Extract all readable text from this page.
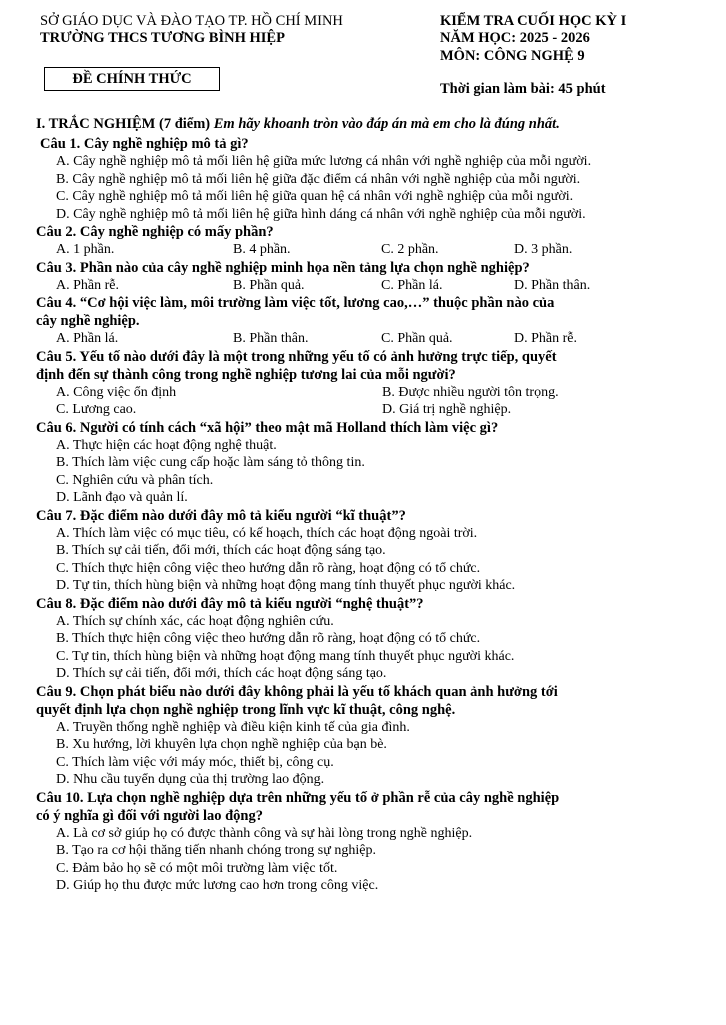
SỞ GIÁO DỤC VÀ ĐÀO TẠO TP. HỒ CHÍ MINH
TRƯỜNG THCS TƯƠNG BÌNH HIỆP
ĐỀ CHÍNH THỨC
KIỂM TRA CUỐI HỌC KỲ I
NĂM HỌC: 2025 - 2026
MÔN: CÔNG NGHỆ 9
Thời gian làm bài: 45 phút
I. TRẮC NGHIỆM (7 điểm) Em hãy khoanh tròn vào đáp án mà em cho là đúng nhất.
Câu 1. Cây nghề nghiệp mô tả gì?
A. Cây nghề nghiệp mô tả mối liên hệ giữa mức lương cá nhân với nghề nghiệp của mỗi người.
B. Cây nghề nghiệp mô tả mối liên hệ giữa đặc điểm cá nhân với nghề nghiệp của mỗi người.
C. Cây nghề nghiệp mô tả mối liên hệ giữa quan hệ cá nhân với nghề nghiệp của mỗi người.
D. Cây nghề nghiệp mô tả mối liên hệ giữa hình dáng cá nhân với nghề nghiệp của mỗi người.
Câu 2. Cây nghề nghiệp có mấy phần?
A. 1 phần.	B. 4 phần.	C. 2 phần.	D. 3 phần.
Câu 3. Phần nào của cây nghề nghiệp minh họa nền tảng lựa chọn nghề nghiệp?
A. Phần rễ.	B. Phần quả.	C. Phần lá.	D. Phần thân.
Câu 4. “Cơ hội việc làm, môi trường làm việc tốt, lương cao,…” thuộc phần nào của
cây nghề nghiệp.
A. Phần lá.	B. Phần thân.	C. Phần quả.	D. Phần rễ.
Câu 5. Yếu tố nào dưới đây là một trong những yếu tố có ảnh hưởng trực tiếp, quyết
định đến sự thành công trong nghề nghiệp tương lai của mỗi người?
A. Công việc ổn định	B. Được nhiều người tôn trọng.
C. Lương cao.	D. Giá trị nghề nghiệp.
Câu 6. Người có tính cách “xã hội” theo mật mã Holland thích làm việc gì?
A. Thực hiện các hoạt động nghệ thuật.
B. Thích làm việc cung cấp hoặc làm sáng tỏ thông tin.
C. Nghiên cứu và phân tích.
D. Lãnh đạo và quản lí.
Câu 7. Đặc điểm nào dưới đây mô tả kiểu người “kĩ thuật”?
A. Thích làm việc có mục tiêu, có kế hoạch, thích các hoạt động ngoài trời.
B. Thích sự cải tiến, đổi mới, thích các hoạt động sáng tạo.
C. Thích thực hiện công việc theo hướng dẫn rõ ràng, hoạt động có tổ chức.
D. Tự tin, thích hùng biện và những hoạt động mang tính thuyết phục người khác.
Câu 8. Đặc điểm nào dưới đây mô tả kiểu người “nghệ thuật”?
A. Thích sự chính xác, các hoạt động nghiên cứu.
B. Thích thực hiện công việc theo hướng dẫn rõ ràng, hoạt động có tổ chức.
C. Tự tin, thích hùng biện và những hoạt động mang tính thuyết phục người khác.
D. Thích sự cải tiến, đổi mới, thích các hoạt động sáng tạo.
Câu 9. Chọn phát biểu nào dưới đây không phải là yếu tố khách quan ảnh hưởng tới
quyết định lựa chọn nghề nghiệp trong lĩnh vực kĩ thuật, công nghệ.
A. Truyền thống nghề nghiệp và điều kiện kinh tế của gia đình.
B. Xu hướng, lời khuyên lựa chọn nghề nghiệp của bạn bè.
C. Thích làm việc với máy móc, thiết bị, công cụ.
D. Nhu cầu tuyển dụng của thị trường lao động.
Câu 10. Lựa chọn nghề nghiệp dựa trên những yếu tố ở phần rễ của cây nghề nghiệp
có ý nghĩa gì đối với người lao động?
A. Là cơ sở giúp họ có được thành công và sự hài lòng trong nghề nghiệp.
B. Tạo ra cơ hội thăng tiến nhanh chóng trong sự nghiệp.
C. Đảm bảo họ sẽ có một môi trường làm việc tốt.
D. Giúp họ thu được mức lương cao hơn trong công việc.
